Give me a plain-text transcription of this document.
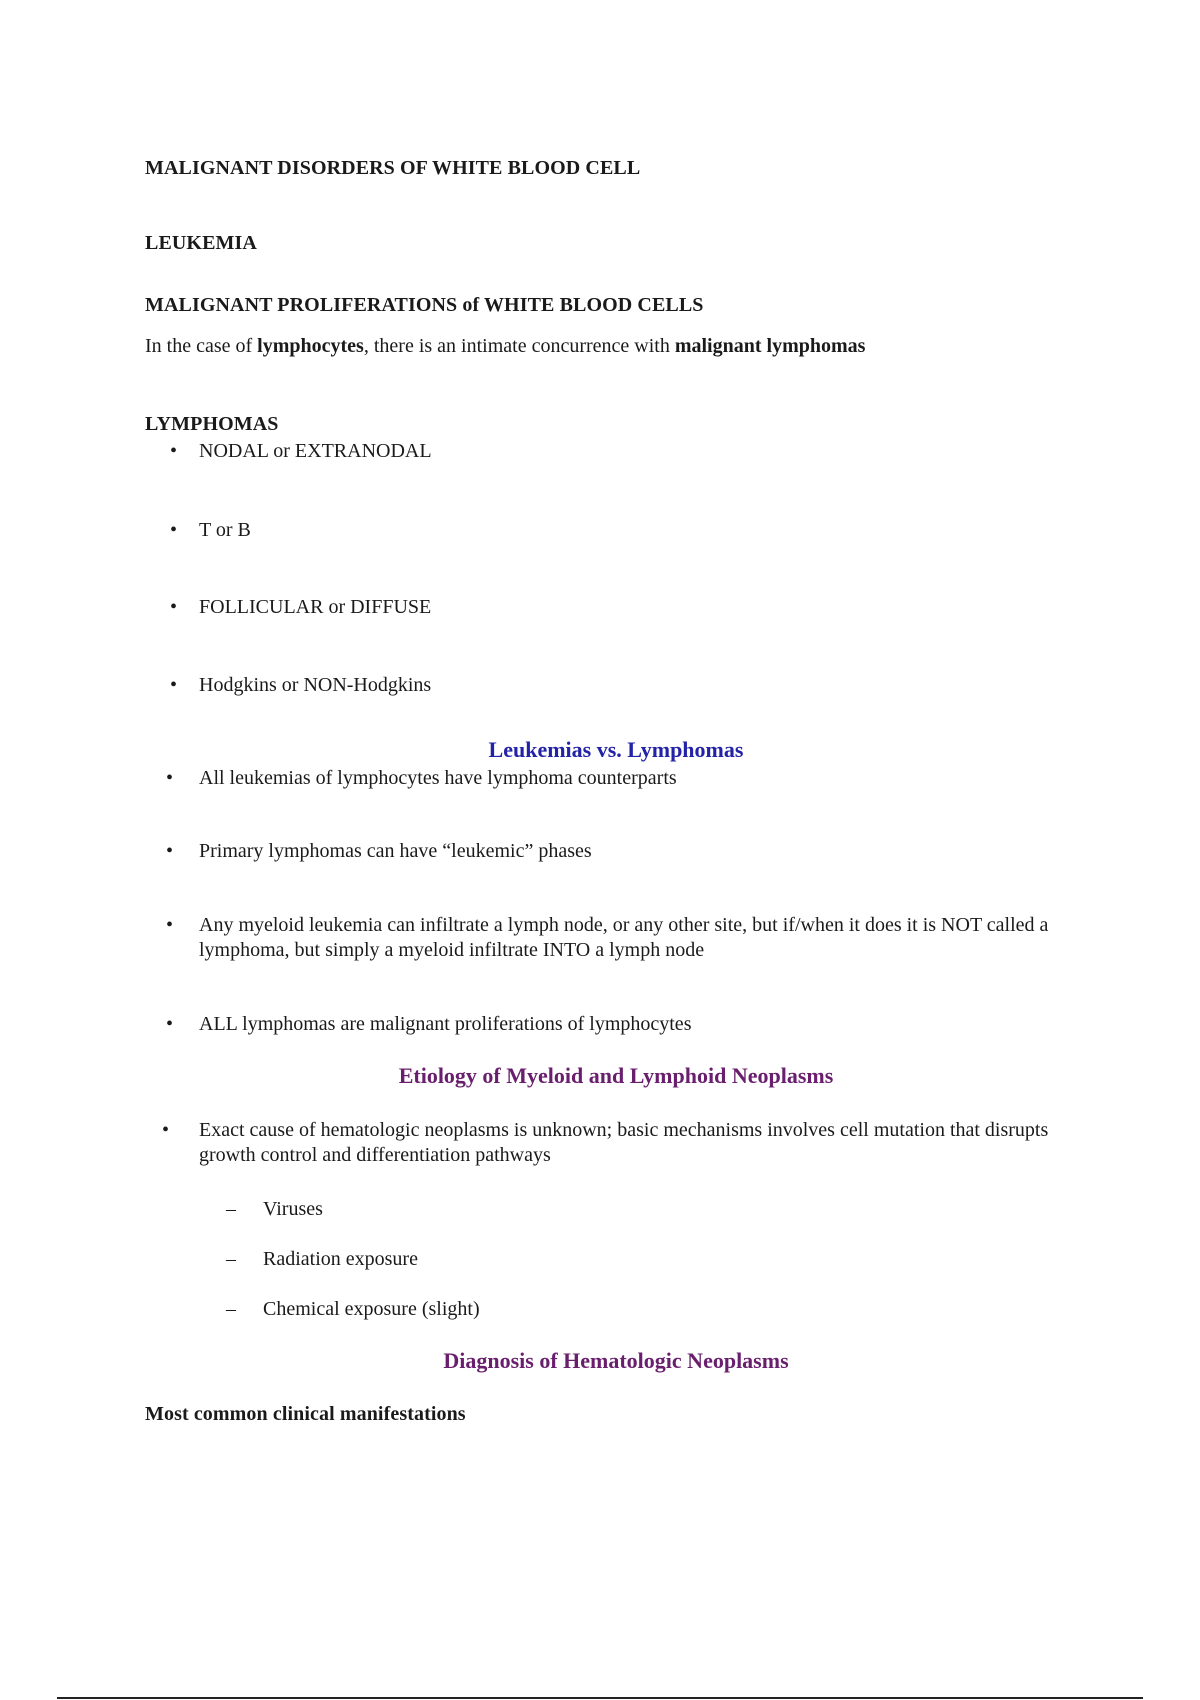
MALIGNANT DISORDERS OF WHITE BLOOD CELL
LEUKEMIA
MALIGNANT PROLIFERATIONS of WHITE BLOOD CELLS
In the case of lymphocytes, there is an intimate concurrence with malignant lymphomas
LYMPHOMAS
• NODAL or EXTRANODAL
• T or B
• FOLLICULAR or DIFFUSE
• Hodgkins or NON-Hodgkins
Leukemias vs. Lymphomas
• All leukemias of lymphocytes have lymphoma counterparts
• Primary lymphomas can have “leukemic” phases
• Any myeloid leukemia can infiltrate a lymph node, or any other site, but if/when it does it is NOT called a lymphoma, but simply a myeloid infiltrate INTO a lymph node
• ALL lymphomas are malignant proliferations of lymphocytes
Etiology of Myeloid and Lymphoid Neoplasms
• Exact cause of hematologic neoplasms is unknown; basic mechanisms involves cell mutation that disrupts growth control and differentiation pathways
– Viruses
– Radiation exposure
– Chemical exposure (slight)
Diagnosis of Hematologic Neoplasms
Most common clinical manifestations
